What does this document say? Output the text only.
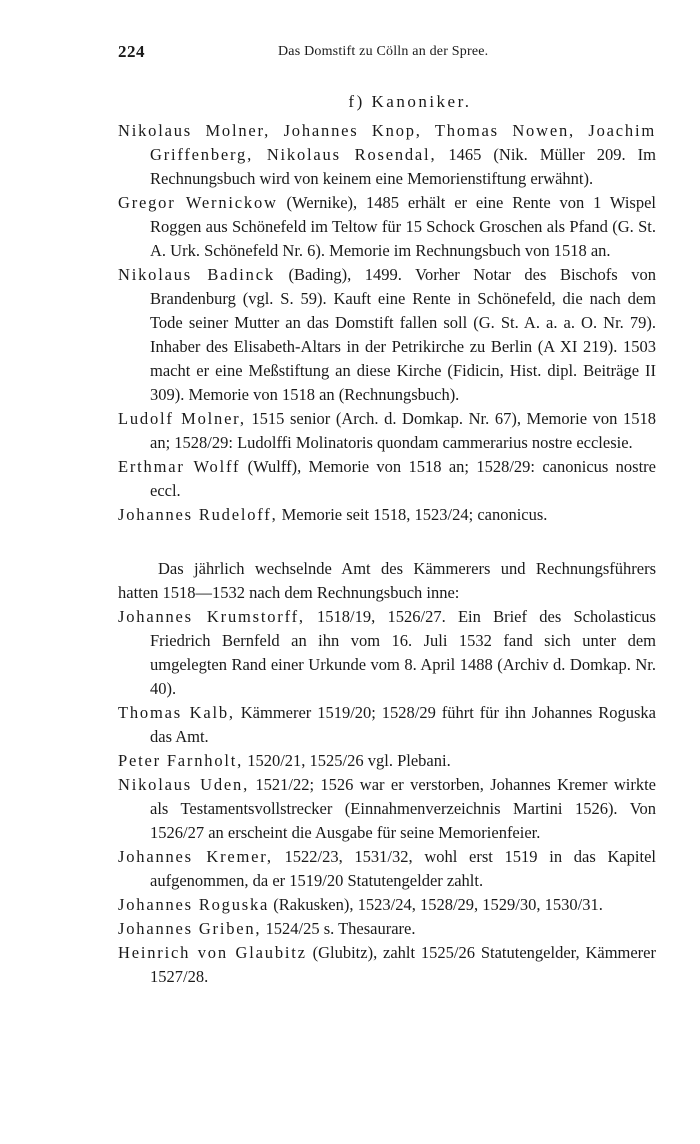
224	Das Domstift zu Cölln an der Spree.
f) Kanoniker.

Nikolaus Molner, Johannes Knop, Thomas Nowen, Joachim Griffenberg, Nikolaus Rosendal, 1465 (Nik. Müller 209. Im Rechnungsbuch wird von keinem eine Memorienstiftung erwähnt).

Gregor Wernickow (Wernike), 1485 erhält er eine Rente von 1 Wispel Roggen aus Schönefeld im Teltow für 15 Schock Groschen als Pfand (G. St. A. Urk. Schönefeld Nr. 6). Memorie im Rechnungsbuch von 1518 an.

Nikolaus Badinck (Bading), 1499. Vorher Notar des Bischofs von Brandenburg (vgl. S. 59). Kauft eine Rente in Schönefeld, die nach dem Tode seiner Mutter an das Domstift fallen soll (G. St. A. a. a. O. Nr. 79). Inhaber des Elisabeth-Altars in der Petrikirche zu Berlin (A XI 219). 1503 macht er eine Meßstiftung an diese Kirche (Fidicin, Hist. dipl. Beiträge II 309). Memorie von 1518 an (Rechnungsbuch).

Ludolf Molner, 1515 senior (Arch. d. Domkap. Nr. 67), Memorie von 1518 an; 1528/29: Ludolffi Molinatoris quondam cammerarius nostre ecclesie.

Erthmar Wolff (Wulff), Memorie von 1518 an; 1528/29: canonicus nostre eccl.

Johannes Rudeloff, Memorie seit 1518, 1523/24; canonicus.

Das jährlich wechselnde Amt des Kämmerers und Rechnungsführers hatten 1518—1532 nach dem Rechnungsbuch inne:

Johannes Krumstorff, 1518/19, 1526/27. Ein Brief des Scholasticus Friedrich Bernfeld an ihn vom 16. Juli 1532 fand sich unter dem umgelegten Rand einer Urkunde vom 8. April 1488 (Archiv d. Domkap. Nr. 40).

Thomas Kalb, Kämmerer 1519/20; 1528/29 führt für ihn Johannes Roguska das Amt.

Peter Farnholt, 1520/21, 1525/26 vgl. Plebani.

Nikolaus Uden, 1521/22; 1526 war er verstorben, Johannes Kremer wirkte als Testamentsvollstrecker (Einnahmenverzeichnis Martini 1526). Von 1526/27 an erscheint die Ausgabe für seine Memorienfeier.

Johannes Kremer, 1522/23, 1531/32, wohl erst 1519 in das Kapitel aufgenommen, da er 1519/20 Statutengelder zahlt.

Johannes Roguska (Rakusken), 1523/24, 1528/29, 1529/30, 1530/31.

Johannes Griben, 1524/25 s. Thesaurare.

Heinrich von Glaubitz (Glubitz), zahlt 1525/26 Statutengelder, Kämmerer 1527/28.
